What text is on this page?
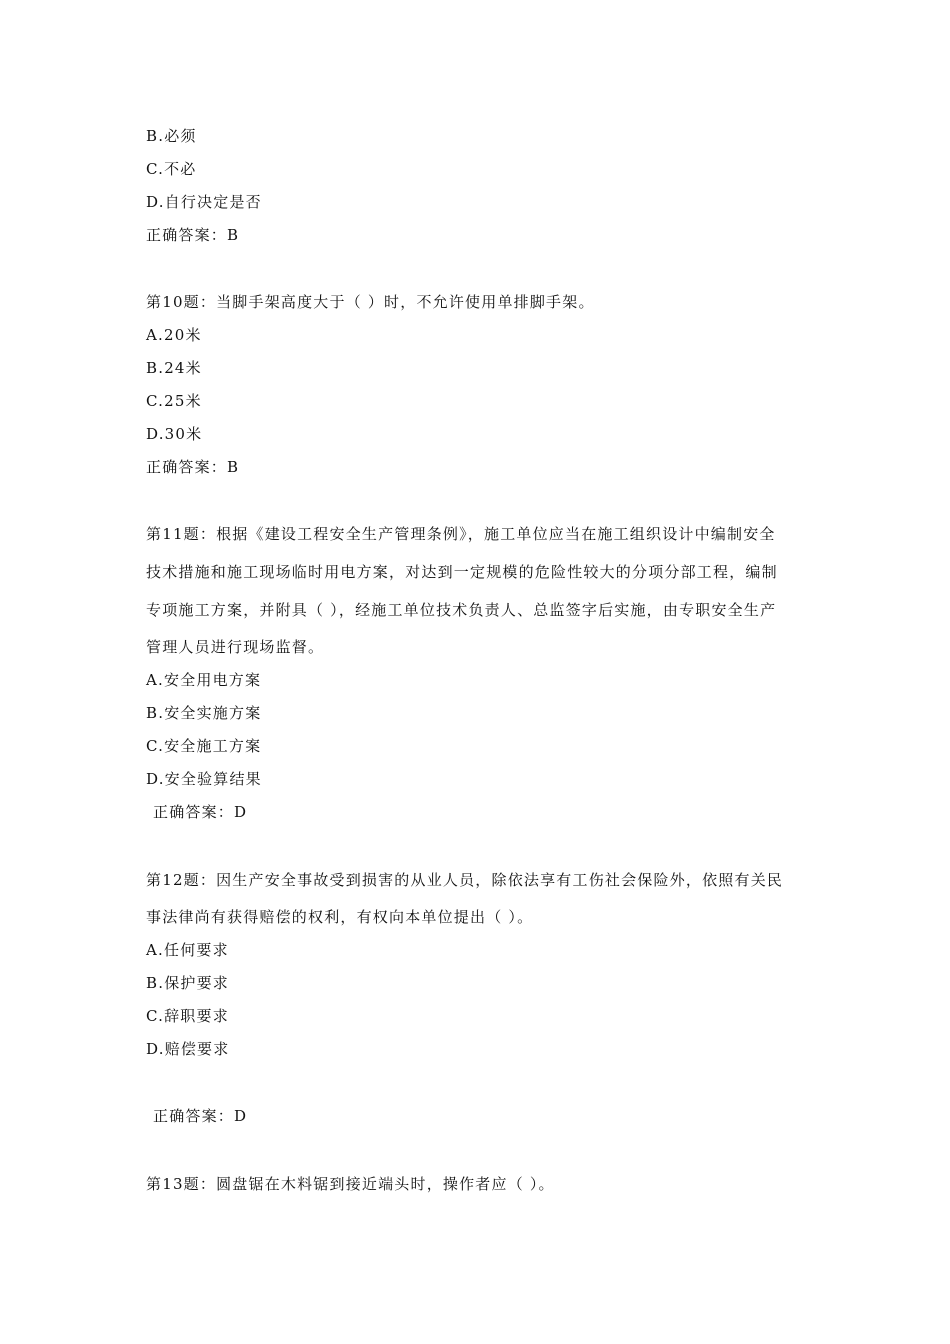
B.必须
C.不必
D.自行决定是否
正确答案：B
第10题：当脚手架高度大于（ ）时，不允许使用单排脚手架。
A.20米
B.24米
C.25米
D.30米
正确答案：B
第11题：根据《建设工程安全生产管理条例》，施工单位应当在施工组织设计中编制安全
技术措施和施工现场临时用电方案，对达到一定规模的危险性较大的分项分部工程，编制
专项施工方案，并附具（ ），经施工单位技术负责人、总监签字后实施，由专职安全生产
管理人员进行现场监督。
A.安全用电方案
B.安全实施方案
C.安全施工方案
D.安全验算结果
正确答案：D
第12题：因生产安全事故受到损害的从业人员，除依法享有工伤社会保险外，依照有关民
事法律尚有获得赔偿的权利，有权向本单位提出（ ）。
A.任何要求
B.保护要求
C.辞职要求
D.赔偿要求
正确答案：D
第13题：圆盘锯在木料锯到接近端头时，操作者应（ ）。
